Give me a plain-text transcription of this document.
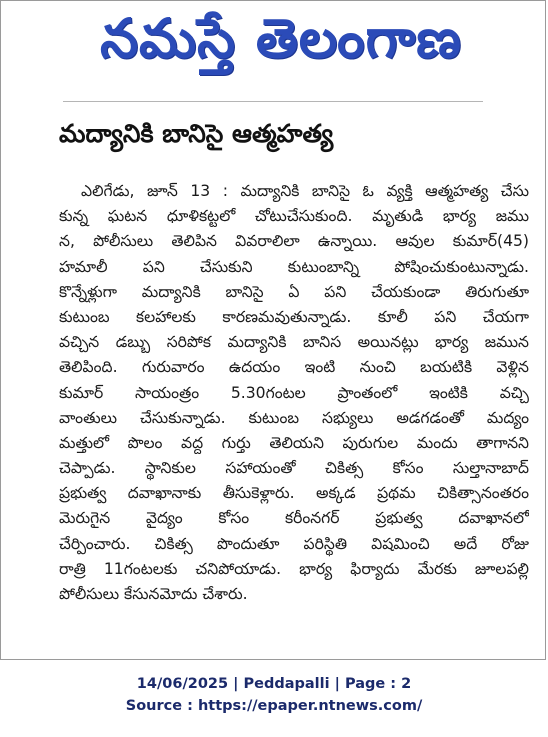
నమస్తే తెలంగాణ
మద్యానికి బానిసై ఆత్మహత్య
ఎలిగేడు, జూన్ 13 : మద్యానికి బానిసై ఓ వ్యక్తి ఆత్మహత్య చేసు
కున్న ఘటన ధూళికట్టలో చోటుచేసుకుంది. మృతుడి భార్య జము
న, పోలీసులు తెలిపిన వివరాలిలా ఉన్నాయి. ఆవుల కుమార్(45)
హమాలీ పని చేసుకుని కుటుంబాన్ని పోషించుకుంటున్నాడు.
కొన్నేళ్లుగా మద్యానికి బానిసై ఏ పని చేయకుండా తిరుగుతూ
కుటుంబ కలహాలకు కారణమవుతున్నాడు. కూలీ పని చేయగా
వచ్చిన డబ్బు సరిపోక మద్యానికి బానిస అయినట్లు భార్య జమున
తెలిపింది. గురువారం ఉదయం ఇంటి నుంచి బయటికి వెళ్లిన
కుమార్ సాయంత్రం 5.30గంటల ప్రాంతంలో ఇంటికి వచ్చి
వాంతులు చేసుకున్నాడు. కుటుంబ సభ్యులు అడగడంతో మద్యం
మత్తులో పొలం వద్ద గుర్తు తెలియని పురుగుల మందు తాగానని
చెప్పాడు. స్థానికుల సహాయంతో చికిత్స కోసం సుల్తానాబాద్
ప్రభుత్వ దవాఖానాకు తీసుకెళ్లారు. అక్కడ ప్రథమ చికిత్సానంతరం
మెరుగైన వైద్యం కోసం కరీంనగర్ ప్రభుత్వ దవాఖానలో
చేర్పించారు. చికిత్స పొందుతూ పరిస్థితి విషమించి అదే రోజు
రాత్రి 11గంటలకు చనిపోయాడు. భార్య ఫిర్యాదు మేరకు జూలపల్లి
పోలీసులు కేసునమోదు చేశారు.
14/06/2025 | Peddapalli | Page : 2
Source : https://epaper.ntnews.com/
